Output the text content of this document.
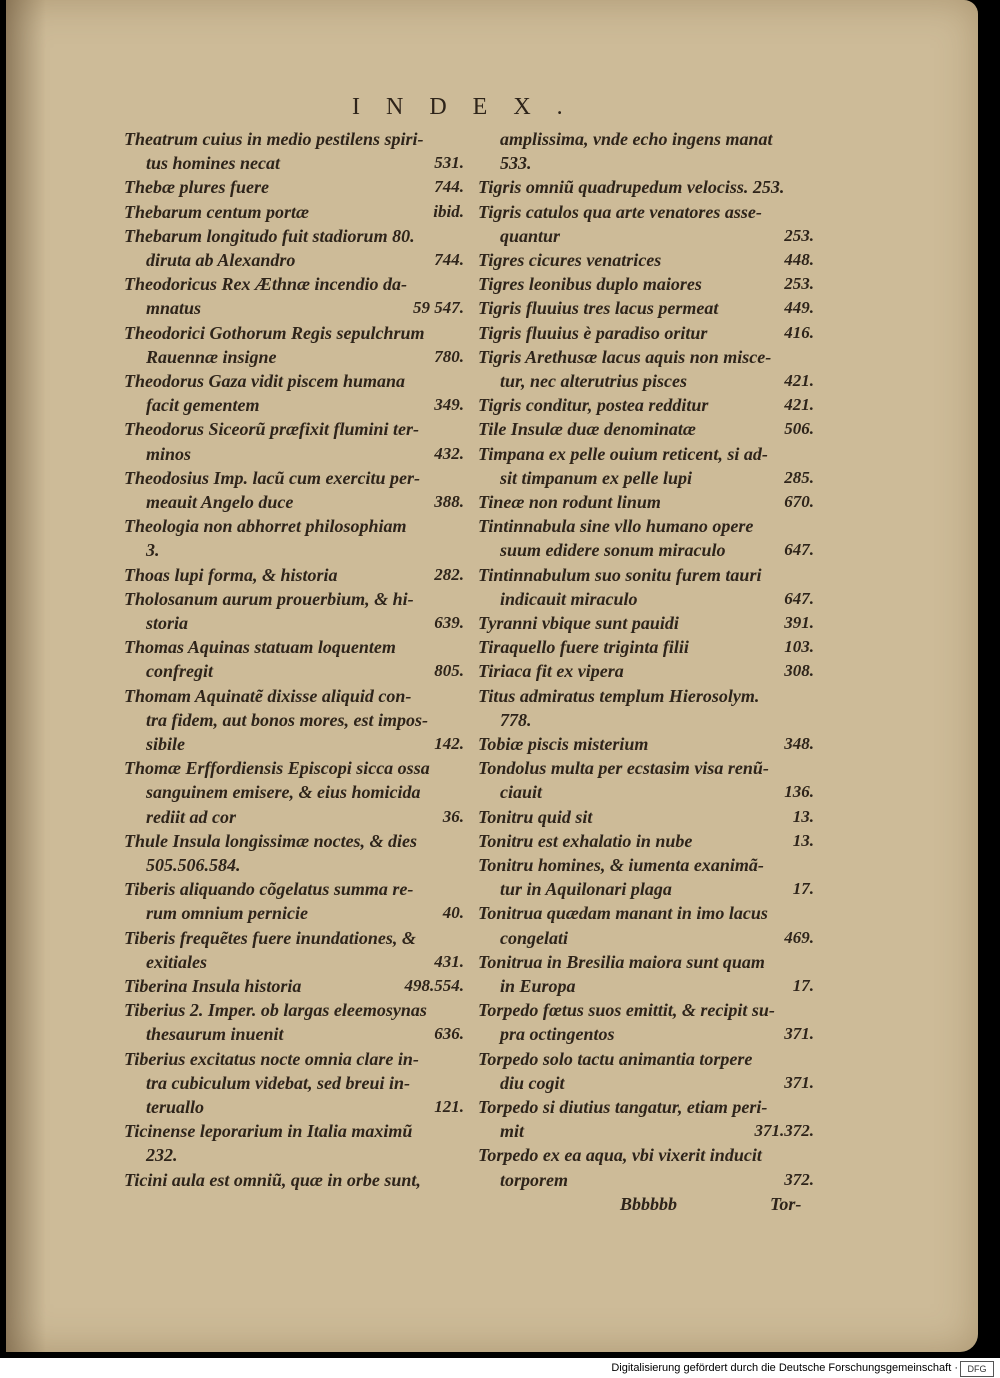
INDEX.
Theatrum cuius in medio pestilens spiri-
tus homines necat
Thebæ plures fuere
Thebarum centum portæ
Thebarum longitudo fuit stadiorum 80.
diruta ab Alexandro
Theodoricus Rex Æthnæ incendio da-
mnatus
Theodorici Gothorum Regis sepulchrum
Rauennæ insigne
Theodorus Gaza vidit piscem humana
facit gementem
Theodorus Siceorũ præfixit flumini ter-
minos
Theodosius Imp. lacũ cum exercitu per-
meauit Angelo duce
Theologia non abhorret philosophiam
3.
Thoas lupi forma, & historia
Tholosanum aurum prouerbium, & hi-
storia
Thomas Aquinas statuam loquentem
confregit
Thomam Aquinatẽ dixisse aliquid con-
tra fidem, aut bonos mores, est impos-
sibile
Thomæ Erffordiensis Episcopi sicca ossa
sanguinem emisere, & eius homicida
rediit ad cor
Thule Insula longissimæ noctes, & dies
505.506.584.
Tiberis aliquando cõgelatus summa re-
rum omnium pernicie
Tiberis frequẽtes fuere inundationes, &
exitiales
Tiberina Insula historia
Tiberius 2. Imper. ob largas eleemosynas
thesaurum inuenit
Tiberius excitatus nocte omnia clare in-
tra cubiculum videbat, sed breui in-
teruallo
Ticinense leporarium in Italia maximũ
232.
Ticini aula est omniũ, quæ in orbe sunt,
531.
744.
ibid.
744.
59 547.
780.
349.
432.
388.
282.
639.
805.
142.
36.
40.
431.
498.554.
636.
121.
amplissima, vnde echo ingens manat
533.
Tigris omniũ quadrupedum velociss. 253.
Tigris catulos qua arte venatores asse-
quantur
Tigres cicures venatrices
Tigres leonibus duplo maiores
Tigris fluuius tres lacus permeat
Tigris fluuius è paradiso oritur
Tigris Arethusæ lacus aquis non misce-
tur, nec alterutrius pisces
Tigris conditur, postea redditur
Tile Insulæ duæ denominatæ
Timpana ex pelle ouium reticent, si ad-
sit timpanum ex pelle lupi
Tineæ non rodunt linum
Tintinnabula sine vllo humano opere
suum edidere sonum miraculo
Tintinnabulum suo sonitu furem tauri
indicauit miraculo
Tyranni vbique sunt pauidi
Tiraquello fuere triginta filii
Tiriaca fit ex vipera
Titus admiratus templum Hierosolym.
778.
Tobiæ piscis misterium
Tondolus multa per ecstasim visa renũ-
ciauit
Tonitru quid sit
Tonitru est exhalatio in nube
Tonitru homines, & iumenta exanimã-
tur in Aquilonari plaga
Tonitrua quædam manant in imo lacus
congelati
Tonitrua in Bresilia maiora sunt quam
in Europa
Torpedo fœtus suos emittit, & recipit su-
pra octingentos
Torpedo solo tactu animantia torpere
diu cogit
Torpedo si diutius tangatur, etiam peri-
mit
Torpedo ex ea aqua, vbi vixerit inducit
torporem
253.
448.
253.
449.
416.
421.
421.
506.
285.
670.
647.
647.
391.
103.
308.
348.
136.
13.
13.
17.
469.
17.
371.
371.
371.372.
372.
Bbbbbb	Tor-
Digitalisierung gefördert durch die Deutsche Forschungsgemeinschaft ·	DFG
